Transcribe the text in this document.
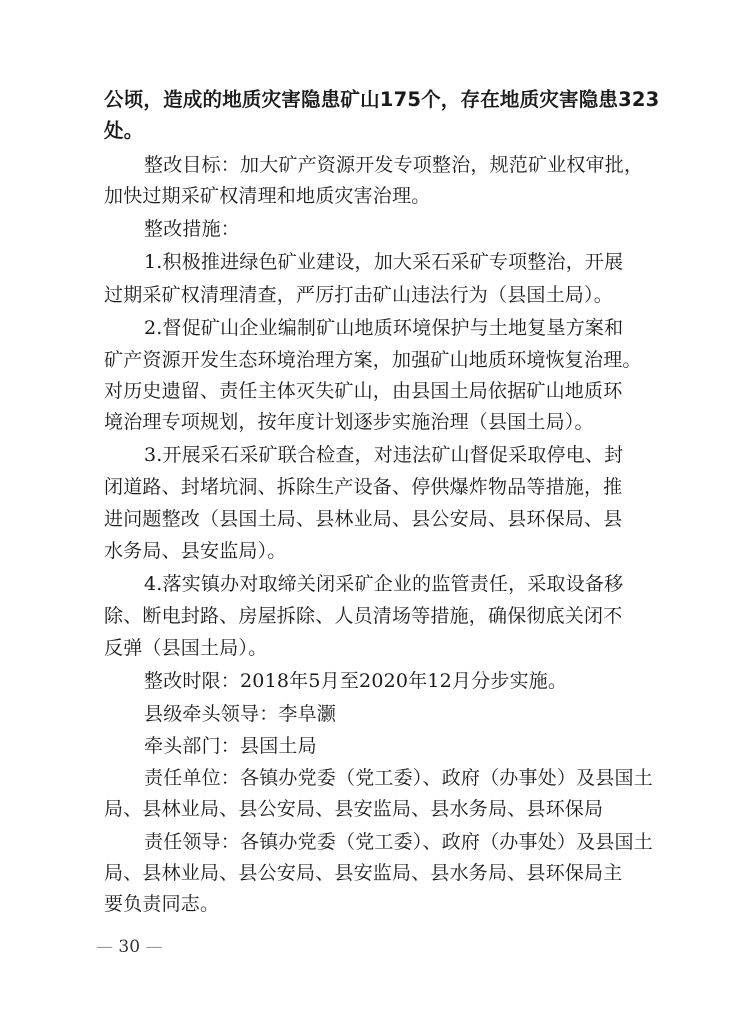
公顷，造成的地质灾害隐患矿山175个，存在地质灾害隐患323
处。
整改目标：加大矿产资源开发专项整治，规范矿业权审批，
加快过期采矿权清理和地质灾害治理。
整改措施：
1.积极推进绿色矿业建设，加大采石采矿专项整治，开展
过期采矿权清理清查，严厉打击矿山违法行为（县国土局）。
2.督促矿山企业编制矿山地质环境保护与土地复垦方案和
矿产资源开发生态环境治理方案，加强矿山地质环境恢复治理。
对历史遗留、责任主体灭失矿山，由县国土局依据矿山地质环
境治理专项规划，按年度计划逐步实施治理（县国土局）。
3.开展采石采矿联合检查，对违法矿山督促采取停电、封
闭道路、封堵坑洞、拆除生产设备、停供爆炸物品等措施，推
进问题整改（县国土局、县林业局、县公安局、县环保局、县
水务局、县安监局）。
4.落实镇办对取缔关闭采矿企业的监管责任，采取设备移
除、断电封路、房屋拆除、人员清场等措施，确保彻底关闭不
反弹（县国土局）。
整改时限：2018年5月至2020年12月分步实施。
县级牵头领导：李阜灏
牵头部门：县国土局
责任单位：各镇办党委（党工委）、政府（办事处）及县国土
局、县林业局、县公安局、县安监局、县水务局、县环保局
责任领导：各镇办党委（党工委）、政府（办事处）及县国土
局、县林业局、县公安局、县安监局、县水务局、县环保局主
要负责同志。
— 30 —
